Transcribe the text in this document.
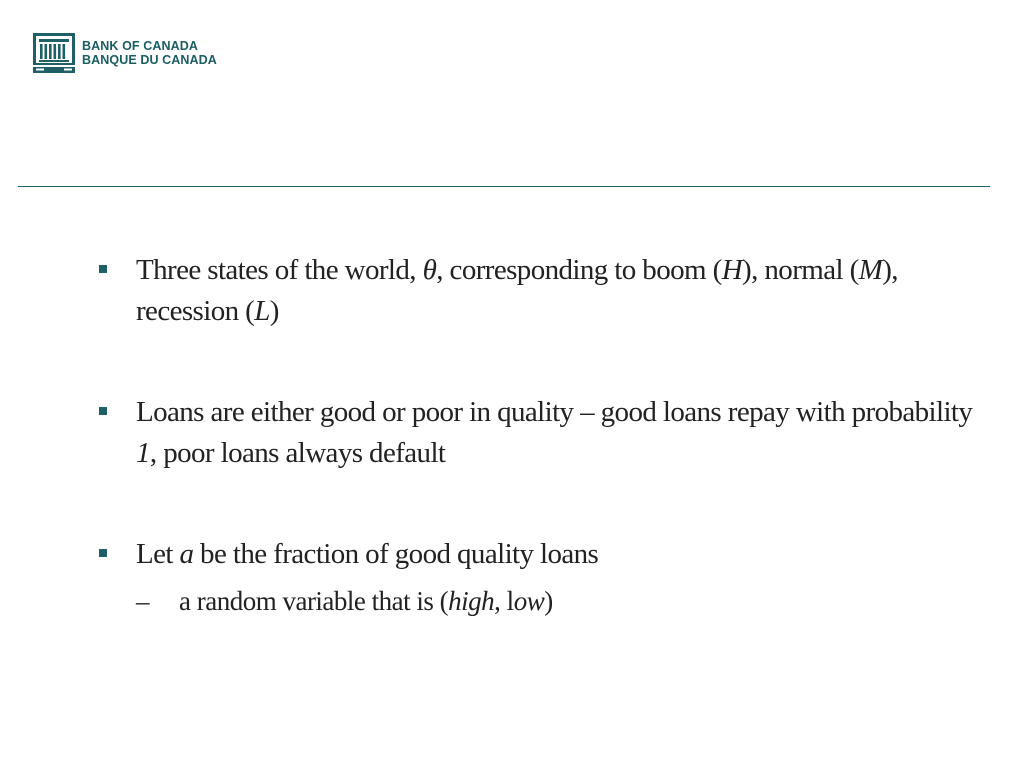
BANK OF CANADA
BANQUE DU CANADA
Three states of the world, θ, corresponding to boom (H), normal (M), recession (L)
Loans are either good or poor in quality – good loans repay with probability 1, poor loans always default
Let a be the fraction of good quality loans
– a random variable that is (high, low)
